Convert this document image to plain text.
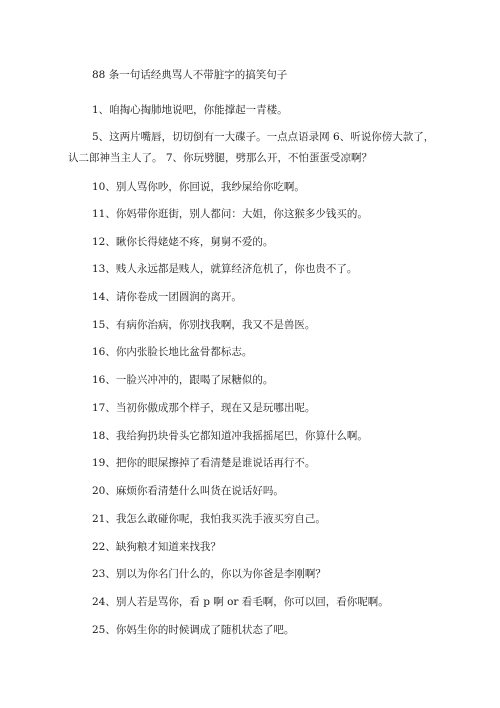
88 条一句话经典骂人不带脏字的搞笑句子
1、咱掏心掏肺地说吧，你能撑起一青楼。
5、这两片嘴唇，切切倒有一大碟子。一点点语录网 6、听说你傍大款了，
认二郎神当主人了。 7、你玩劈腿，劈那么开，不怕蛋蛋受凉啊？
10、别人骂你吵，你回说，我纱屎给你吃啊。
11、你妈带你逛街，别人都问：大姐，你这猴多少钱买的。
12、瞅你长得姥姥不疼，舅舅不爱的。
13、贱人永远都是贱人，就算经济危机了，你也贵不了。
14、请你卷成一团圆润的离开。
15、有病你治病，你别找我啊，我又不是兽医。
16、你内张脸长地比盆骨都标志。
16、一脸兴冲冲的，跟喝了尿糖似的。
17、当初你傲成那个样子，现在又是玩哪出呢。
18、我给狗扔块骨头它都知道冲我摇摇尾巴，你算什么啊。
19、把你的眼屎擦掉了看清楚是谁说话再行不。
20、麻烦你看清楚什么叫货在说话好吗。
21、我怎么敢碰你呢，我怕我买洗手液买穷自己。
22、缺狗粮才知道来找我？
23、别以为你名门什么的，你以为你爸是李刚啊？
24、别人若是骂你，看 p 啊 or 看毛啊，你可以回，看你呢啊。
25、你妈生你的时候调成了随机状态了吧。
